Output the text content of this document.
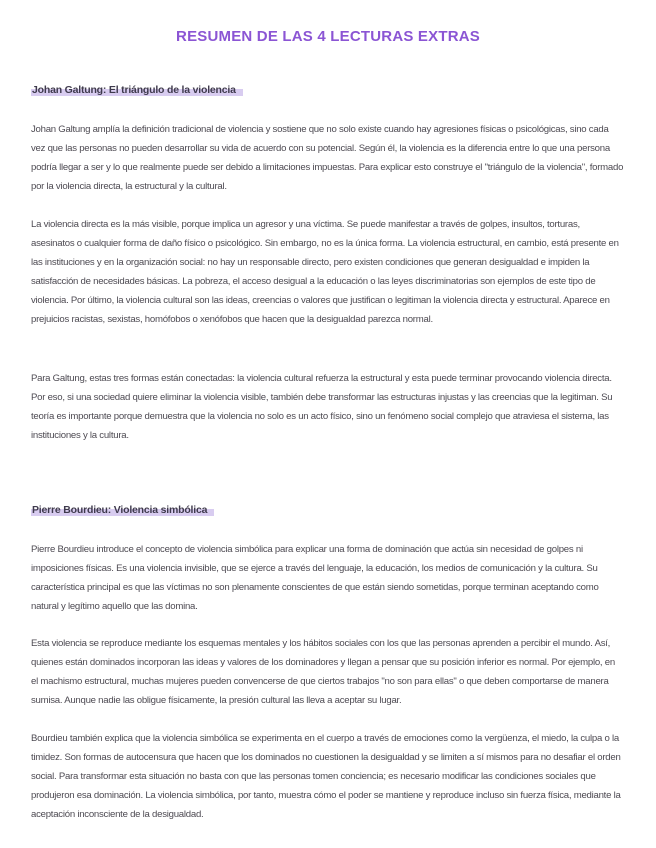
RESUMEN DE LAS 4 LECTURAS EXTRAS
Johan Galtung: El triángulo de la violencia

Johan Galtung amplía la definición tradicional de violencia y sostiene que no solo existe cuando hay agresiones físicas o psicológicas, sino cada vez que las personas no pueden desarrollar su vida de acuerdo con su potencial. Según él, la violencia es la diferencia entre lo que una persona podría llegar a ser y lo que realmente puede ser debido a limitaciones impuestas. Para explicar esto construye el "triángulo de la violencia", formado por la violencia directa, la estructural y la cultural.

La violencia directa es la más visible, porque implica un agresor y una víctima. Se puede manifestar a través de golpes, insultos, torturas, asesinatos o cualquier forma de daño físico o psicológico. Sin embargo, no es la única forma. La violencia estructural, en cambio, está presente en las instituciones y en la organización social: no hay un responsable directo, pero existen condiciones que generan desigualdad e impiden la satisfacción de necesidades básicas. La pobreza, el acceso desigual a la educación o las leyes discriminatorias son ejemplos de este tipo de violencia. Por último, la violencia cultural son las ideas, creencias o valores que justifican o legitiman la violencia directa y estructural. Aparece en prejuicios racistas, sexistas, homófobos o xenófobos que hacen que la desigualdad parezca normal.

Para Galtung, estas tres formas están conectadas: la violencia cultural refuerza la estructural y esta puede terminar provocando violencia directa. Por eso, si una sociedad quiere eliminar la violencia visible, también debe transformar las estructuras injustas y las creencias que la legitiman. Su teoría es importante porque demuestra que la violencia no solo es un acto físico, sino un fenómeno social complejo que atraviesa el sistema, las instituciones y la cultura.

Pierre Bourdieu: Violencia simbólica

Pierre Bourdieu introduce el concepto de violencia simbólica para explicar una forma de dominación que actúa sin necesidad de golpes ni imposiciones físicas. Es una violencia invisible, que se ejerce a través del lenguaje, la educación, los medios de comunicación y la cultura. Su característica principal es que las víctimas no son plenamente conscientes de que están siendo sometidas, porque terminan aceptando como natural y legítimo aquello que las domina.

Esta violencia se reproduce mediante los esquemas mentales y los hábitos sociales con los que las personas aprenden a percibir el mundo. Así, quienes están dominados incorporan las ideas y valores de los dominadores y llegan a pensar que su posición inferior es normal. Por ejemplo, en el machismo estructural, muchas mujeres pueden convencerse de que ciertos trabajos "no son para ellas" o que deben comportarse de manera sumisa. Aunque nadie las obligue físicamente, la presión cultural las lleva a aceptar su lugar.

Bourdieu también explica que la violencia simbólica se experimenta en el cuerpo a través de emociones como la vergüenza, el miedo, la culpa o la timidez. Son formas de autocensura que hacen que los dominados no cuestionen la desigualdad y se limiten a sí mismos para no desafiar el orden social. Para transformar esta situación no basta con que las personas tomen conciencia; es necesario modificar las condiciones sociales que produjeron esa dominación. La violencia simbólica, por tanto, muestra cómo el poder se mantiene y reproduce incluso sin fuerza física, mediante la aceptación inconsciente de la desigualdad.
